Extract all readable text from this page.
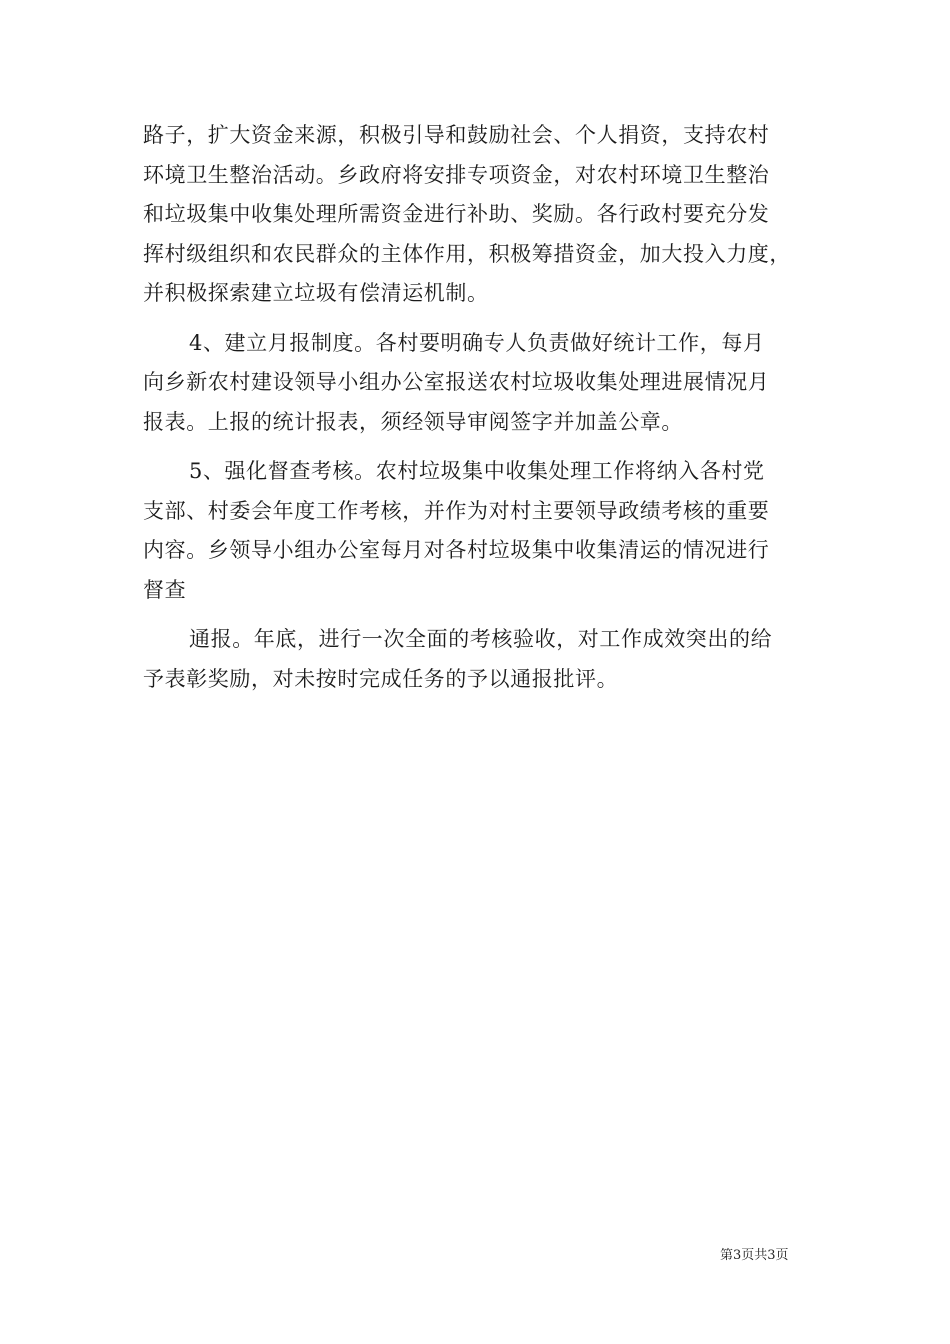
路子，扩大资金来源，积极引导和鼓励社会、个人捐资，支持农村
环境卫生整治活动。乡政府将安排专项资金，对农村环境卫生整治
和垃圾集中收集处理所需资金进行补助、奖励。各行政村要充分发
挥村级组织和农民群众的主体作用，积极筹措资金，加大投入力度，
并积极探索建立垃圾有偿清运机制。
4、建立月报制度。各村要明确专人负责做好统计工作，每月
向乡新农村建设领导小组办公室报送农村垃圾收集处理进展情况月
报表。上报的统计报表，须经领导审阅签字并加盖公章。
5、强化督查考核。农村垃圾集中收集处理工作将纳入各村党
支部、村委会年度工作考核，并作为对村主要领导政绩考核的重要
内容。乡领导小组办公室每月对各村垃圾集中收集清运的情况进行
督查
通报。年底，进行一次全面的考核验收，对工作成效突出的给
予表彰奖励，对未按时完成任务的予以通报批评。
第3页共3页
